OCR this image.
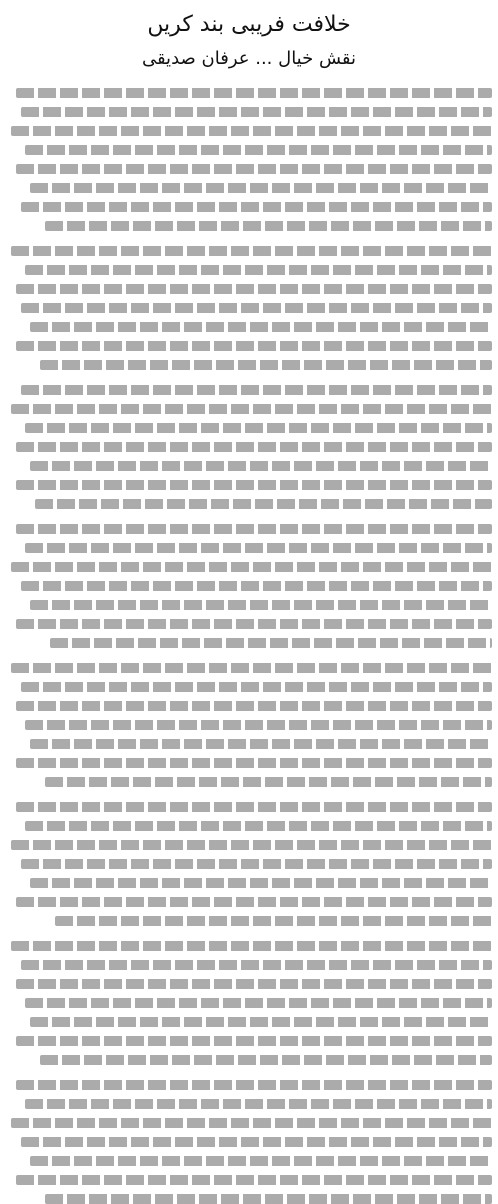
خلافت فریبی بند کریں
نقش خیال ... عرفان صدیقی
